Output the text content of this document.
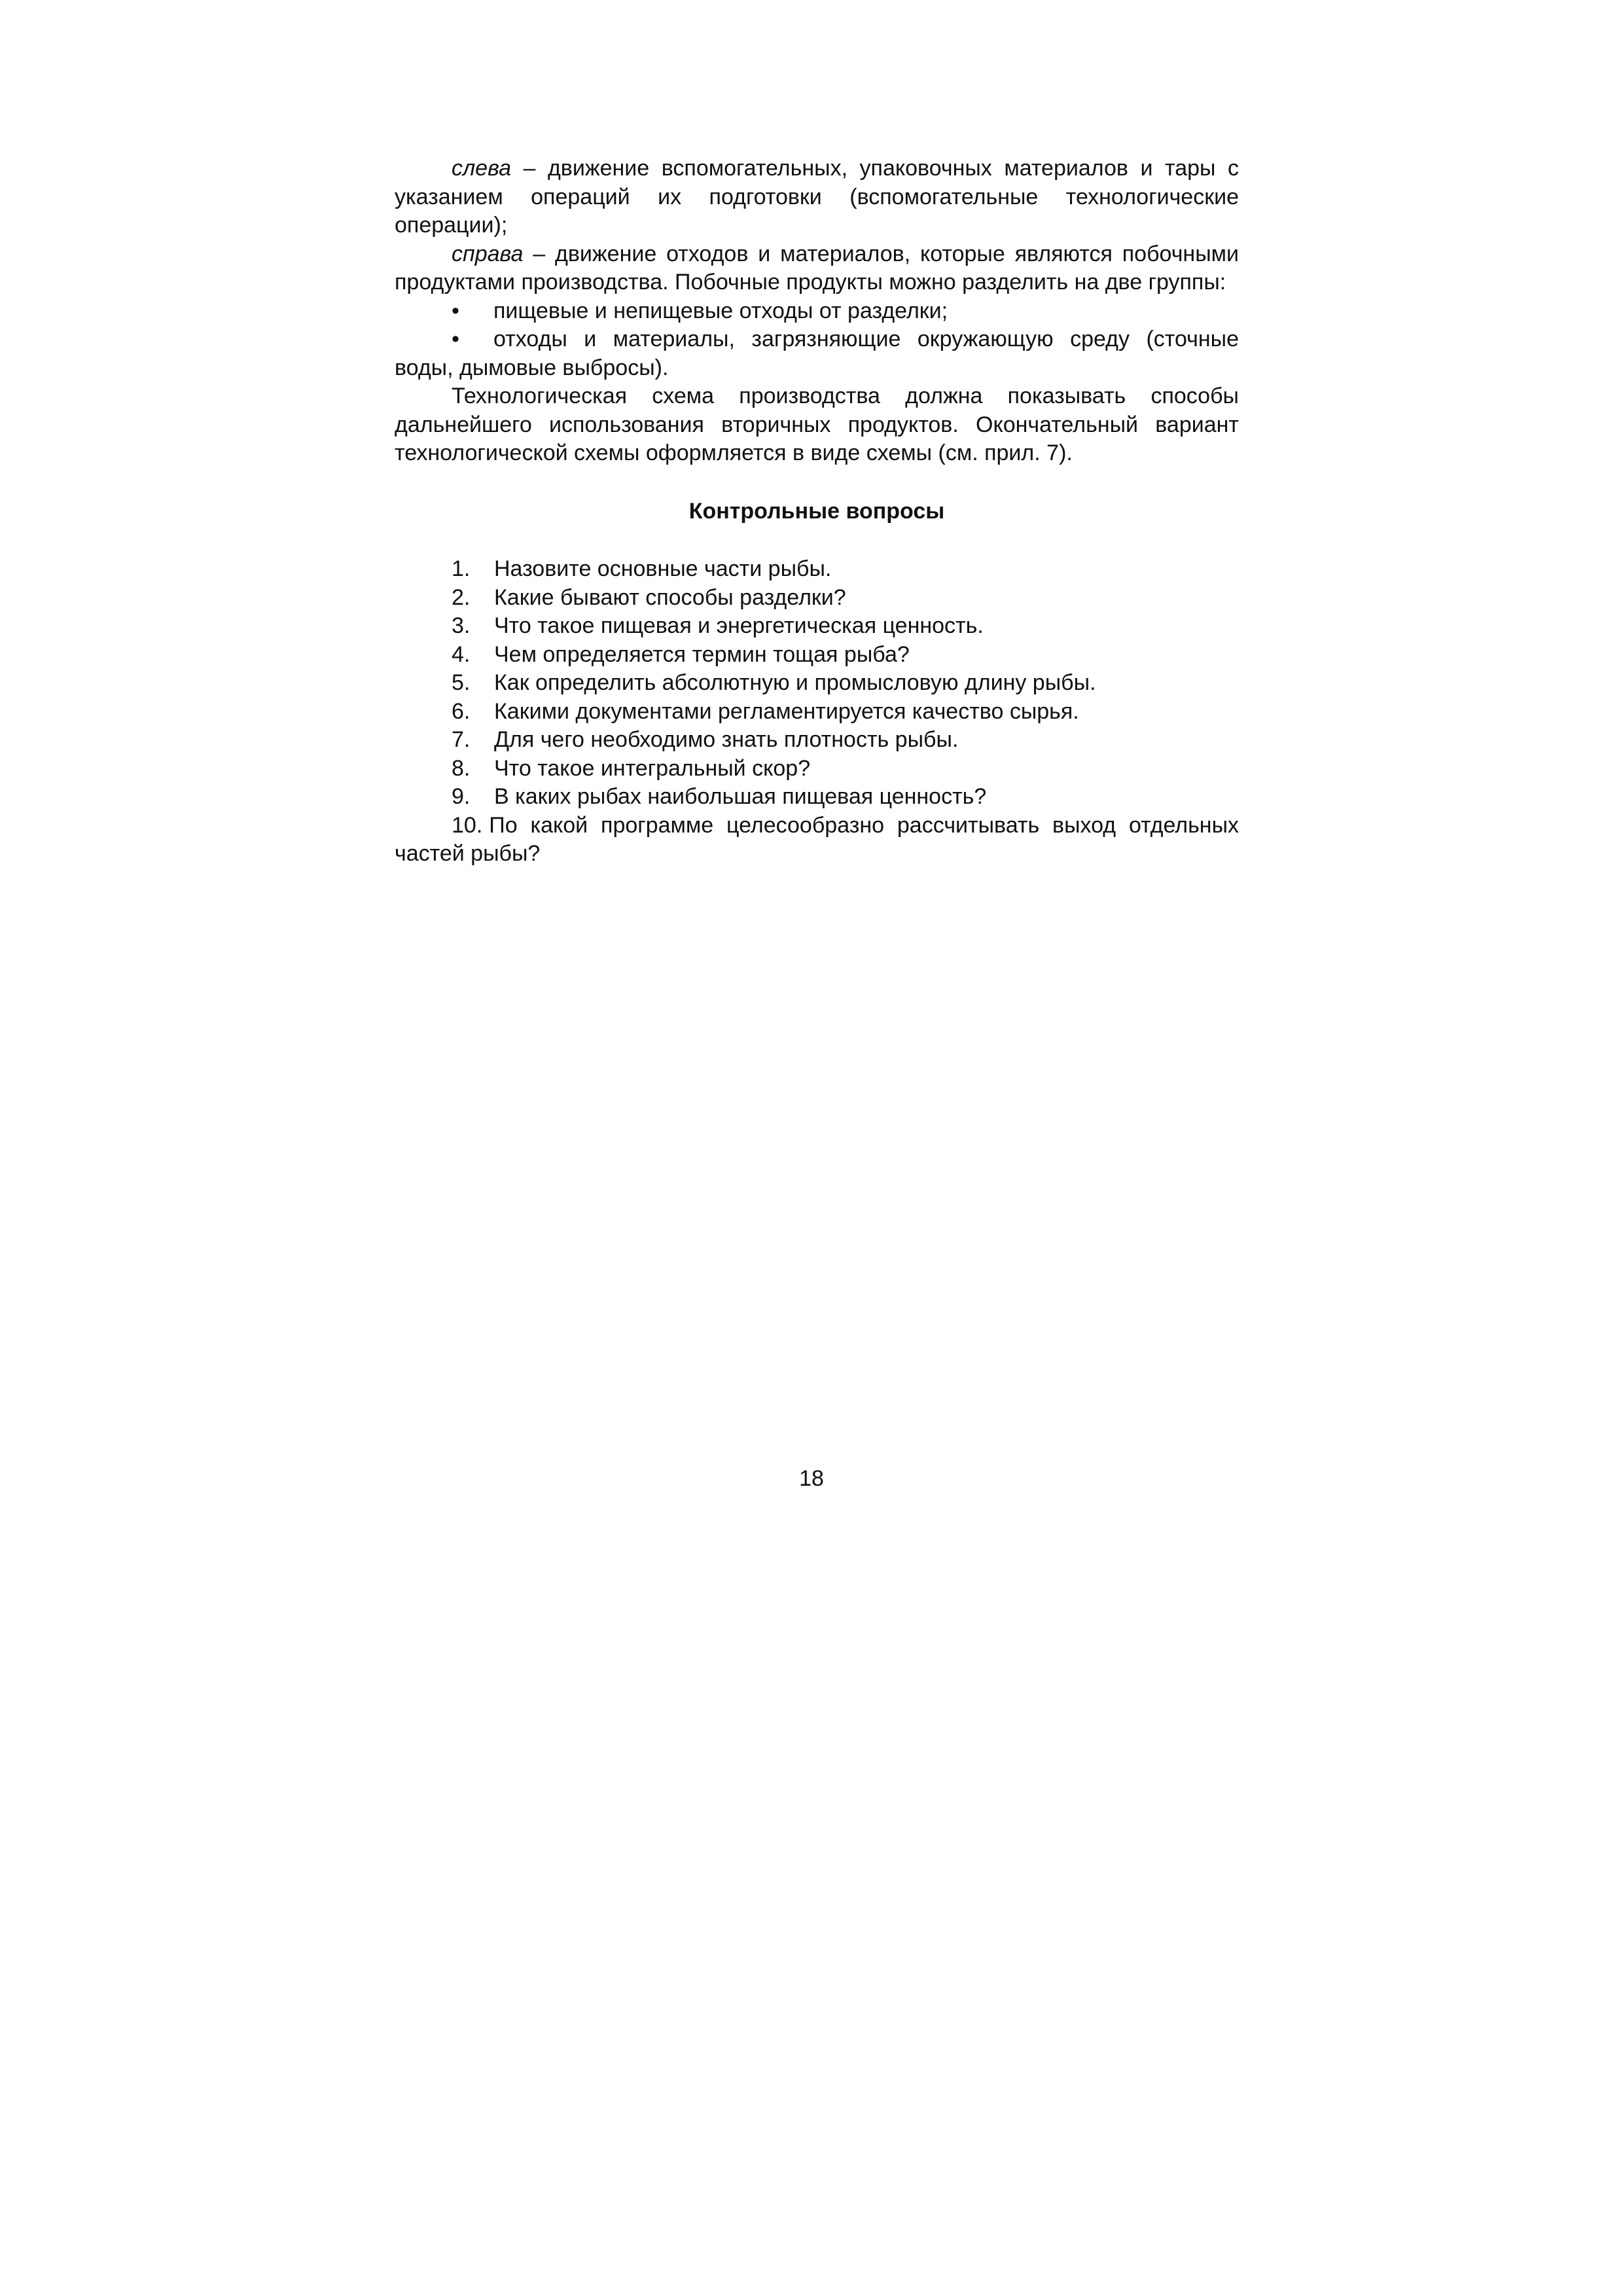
слева – движение вспомогательных, упаковочных материалов и тары с указанием операций их подготовки (вспомогательные технологические операции);

справа – движение отходов и материалов, которые являются побочными продуктами производства. Побочные продукты можно разделить на две группы:

• пищевые и непищевые отходы от разделки;
• отходы и материалы, загрязняющие окружающую среду (сточные воды, дымовые выбросы).

Технологическая схема производства должна показывать способы дальнейшего использования вторичных продуктов. Окончательный вариант технологической схемы оформляется в виде схемы (см. прил. 7).

Контрольные вопросы
1. Назовите основные части рыбы.
2. Какие бывают способы разделки?
3. Что такое пищевая и энергетическая ценность.
4. Чем определяется термин тощая рыба?
5. Как определить абсолютную и промысловую длину рыбы.
6. Какими документами регламентируется качество сырья.
7. Для чего необходимо знать плотность рыбы.
8. Что такое интегральный скор?
9. В каких рыбах наибольшая пищевая ценность?
10. По какой программе целесообразно рассчитывать выход отдельных частей рыбы?
18
